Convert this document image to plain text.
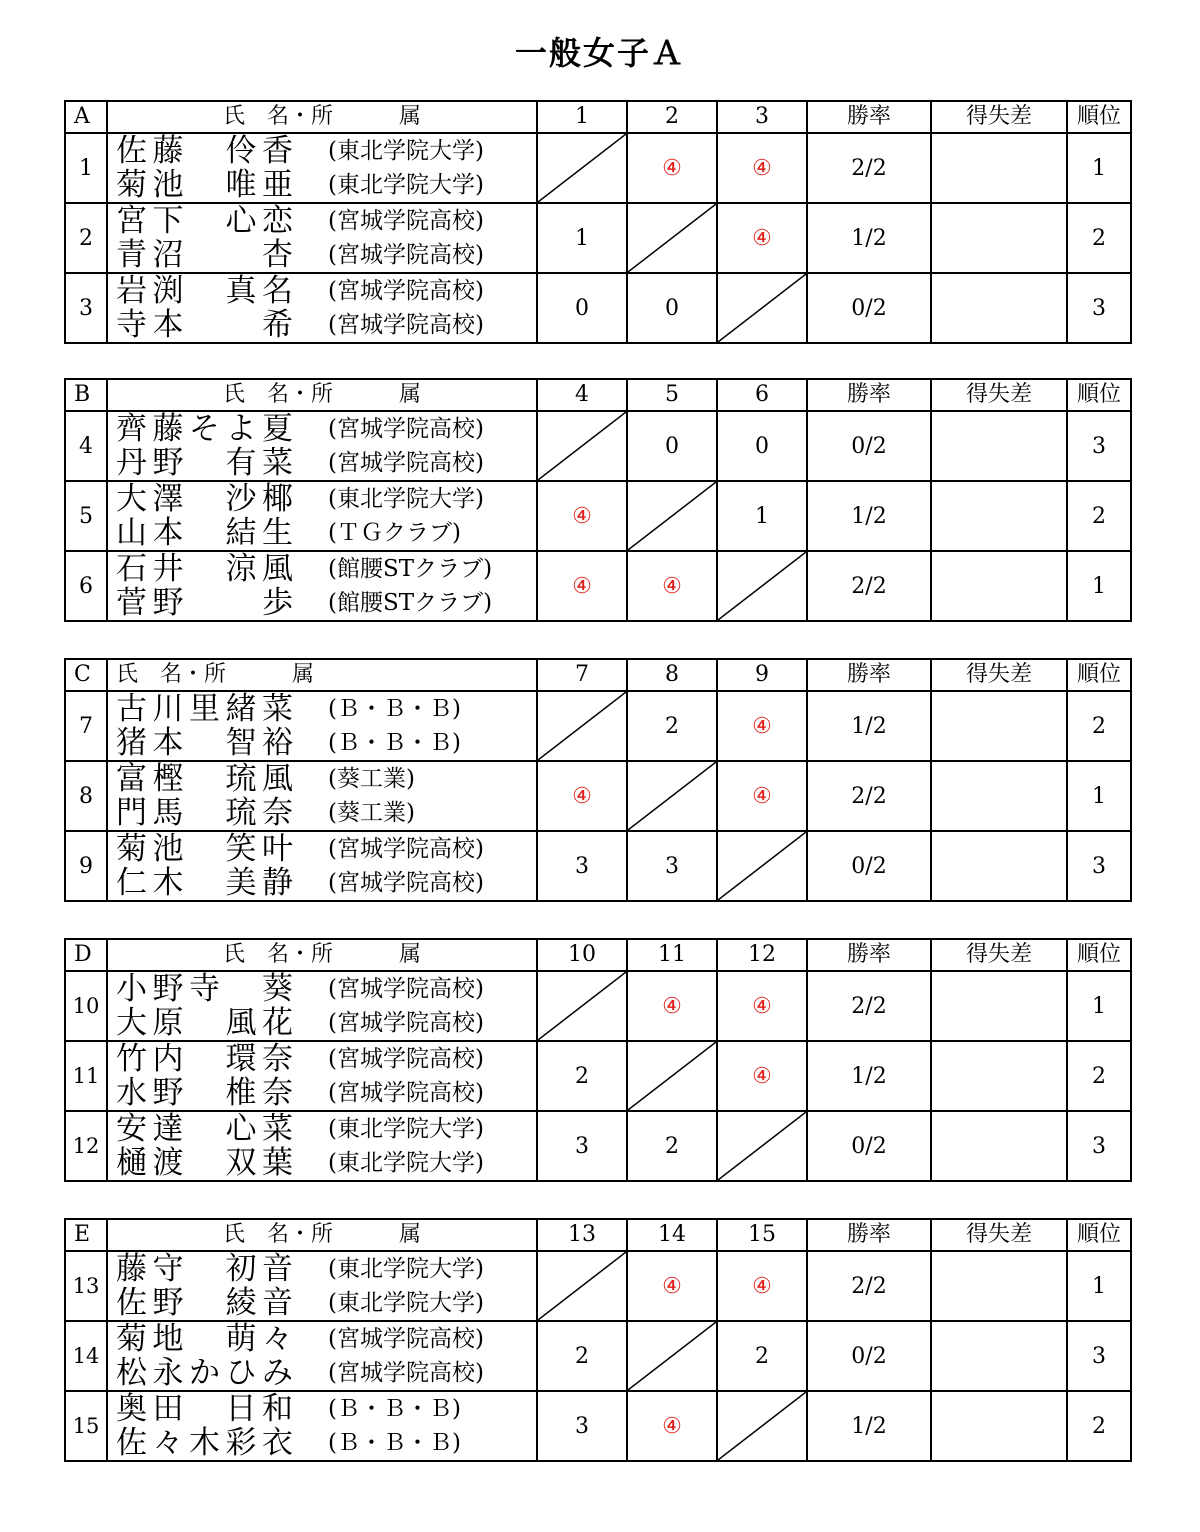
一般女子Ａ
A	氏　名・所　　　属	1	2	3	勝率	得失差	順位
1	佐藤　伶香 (東北学院大学)
菊池　唯亜 (東北学院大学)		④	④	2/2		1
2	宮下　心恋 (宮城学院高校)
青沼　　杏 (宮城学院高校)	1		④	1/2		2
3	岩渕　真名 (宮城学院高校)
寺本　　希 (宮城学院高校)	0	0		0/2		3
B	氏　名・所　　　属	4	5	6	勝率	得失差	順位
4	齊藤そよ夏 (宮城学院高校)
丹野　有菜 (宮城学院高校)		0	0	0/2		3
5	大澤　沙椰 (東北学院大学)
山本　結生 (ＴＧクラブ)	④		1	1/2		2
6	石井　涼風 (館腰STクラブ)
菅野　　歩 (館腰STクラブ)	④	④		2/2		1
C	氏　名・所　　　属	7	8	9	勝率	得失差	順位
7	古川里緒菜 (Ｂ・Ｂ・Ｂ)
猪本　智裕 (Ｂ・Ｂ・Ｂ)		2	④	1/2		2
8	富樫　琉風 (葵工業)
門馬　琉奈 (葵工業)	④		④	2/2		1
9	菊池　笑叶 (宮城学院高校)
仁木　美静 (宮城学院高校)	3	3		0/2		3
D	氏　名・所　　　属	10	11	12	勝率	得失差	順位
10	小野寺　葵 (宮城学院高校)
大原　風花 (宮城学院高校)		④	④	2/2		1
11	竹内　環奈 (宮城学院高校)
水野　椎奈 (宮城学院高校)	2		④	1/2		2
12	安達　心菜 (東北学院大学)
樋渡　双葉 (東北学院大学)	3	2		0/2		3
E	氏　名・所　　　属	13	14	15	勝率	得失差	順位
13	藤守　初音 (東北学院大学)
佐野　綾音 (東北学院大学)		④	④	2/2		1
14	菊地　萌々 (宮城学院高校)
松永かひみ (宮城学院高校)	2		2	0/2		3
15	奥田　日和 (Ｂ・Ｂ・Ｂ)
佐々木彩衣 (Ｂ・Ｂ・Ｂ)	3	④		1/2		2
